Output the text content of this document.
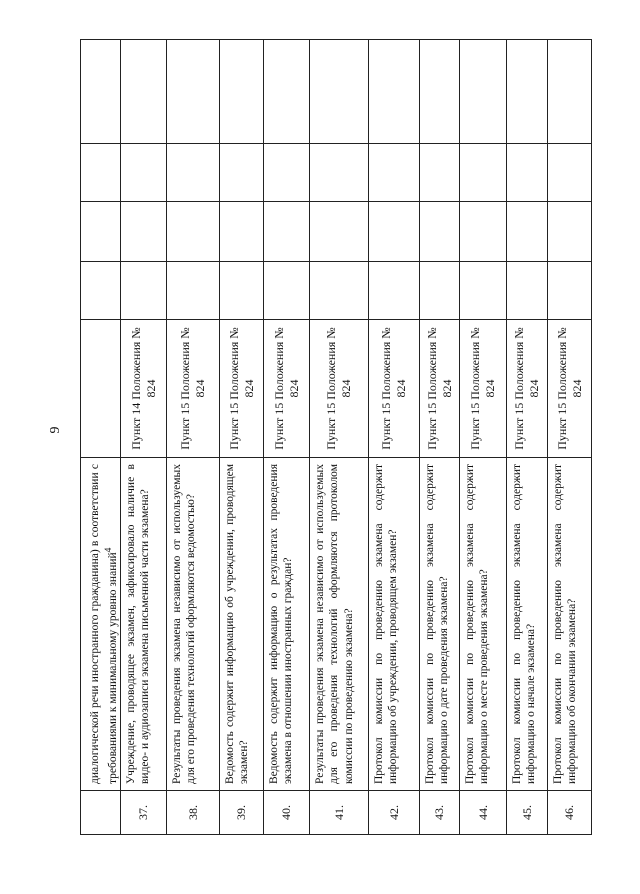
9
	диалогической речи иностранного гражданина) в соответствии с требованиями к минимальному уровню знаний$^4$					
37.	Учреждение, проводящее экзамен, зафиксировало наличие в видео- и аудиозаписи экзамена письменной части экзамена?	Пункт 14 Положения № 824				
38.	Результаты проведения экзамена независимо от используемых для его проведения технологий оформляются ведомостью?	Пункт 15 Положения № 824				
39.	Ведомость содержит информацию об учреждении, проводящем экзамен?	Пункт 15 Положения № 824				
40.	Ведомость содержит информацию о результатах проведения экзамена в отношении иностранных граждан?	Пункт 15 Положения № 824				
41.	Результаты проведения экзамена независимо от используемых для его проведения технологий оформляются протоколом комиссии по проведению экзамена?	Пункт 15 Положения № 824				
42.	Протокол комиссии по проведению экзамена содержит информацию об учреждении, проводящем экзамен?	Пункт 15 Положения № 824				
43.	Протокол комиссии по проведению экзамена содержит информацию о дате проведения экзамена?	Пункт 15 Положения № 824				
44.	Протокол комиссии по проведению экзамена содержит информацию о месте проведения экзамена?	Пункт 15 Положения № 824				
45.	Протокол комиссии по проведению экзамена содержит информацию о начале экзамена?	Пункт 15 Положения № 824				
46.	Протокол комиссии по проведению экзамена содержит информацию об окончании экзамена?	Пункт 15 Положения № 824				
